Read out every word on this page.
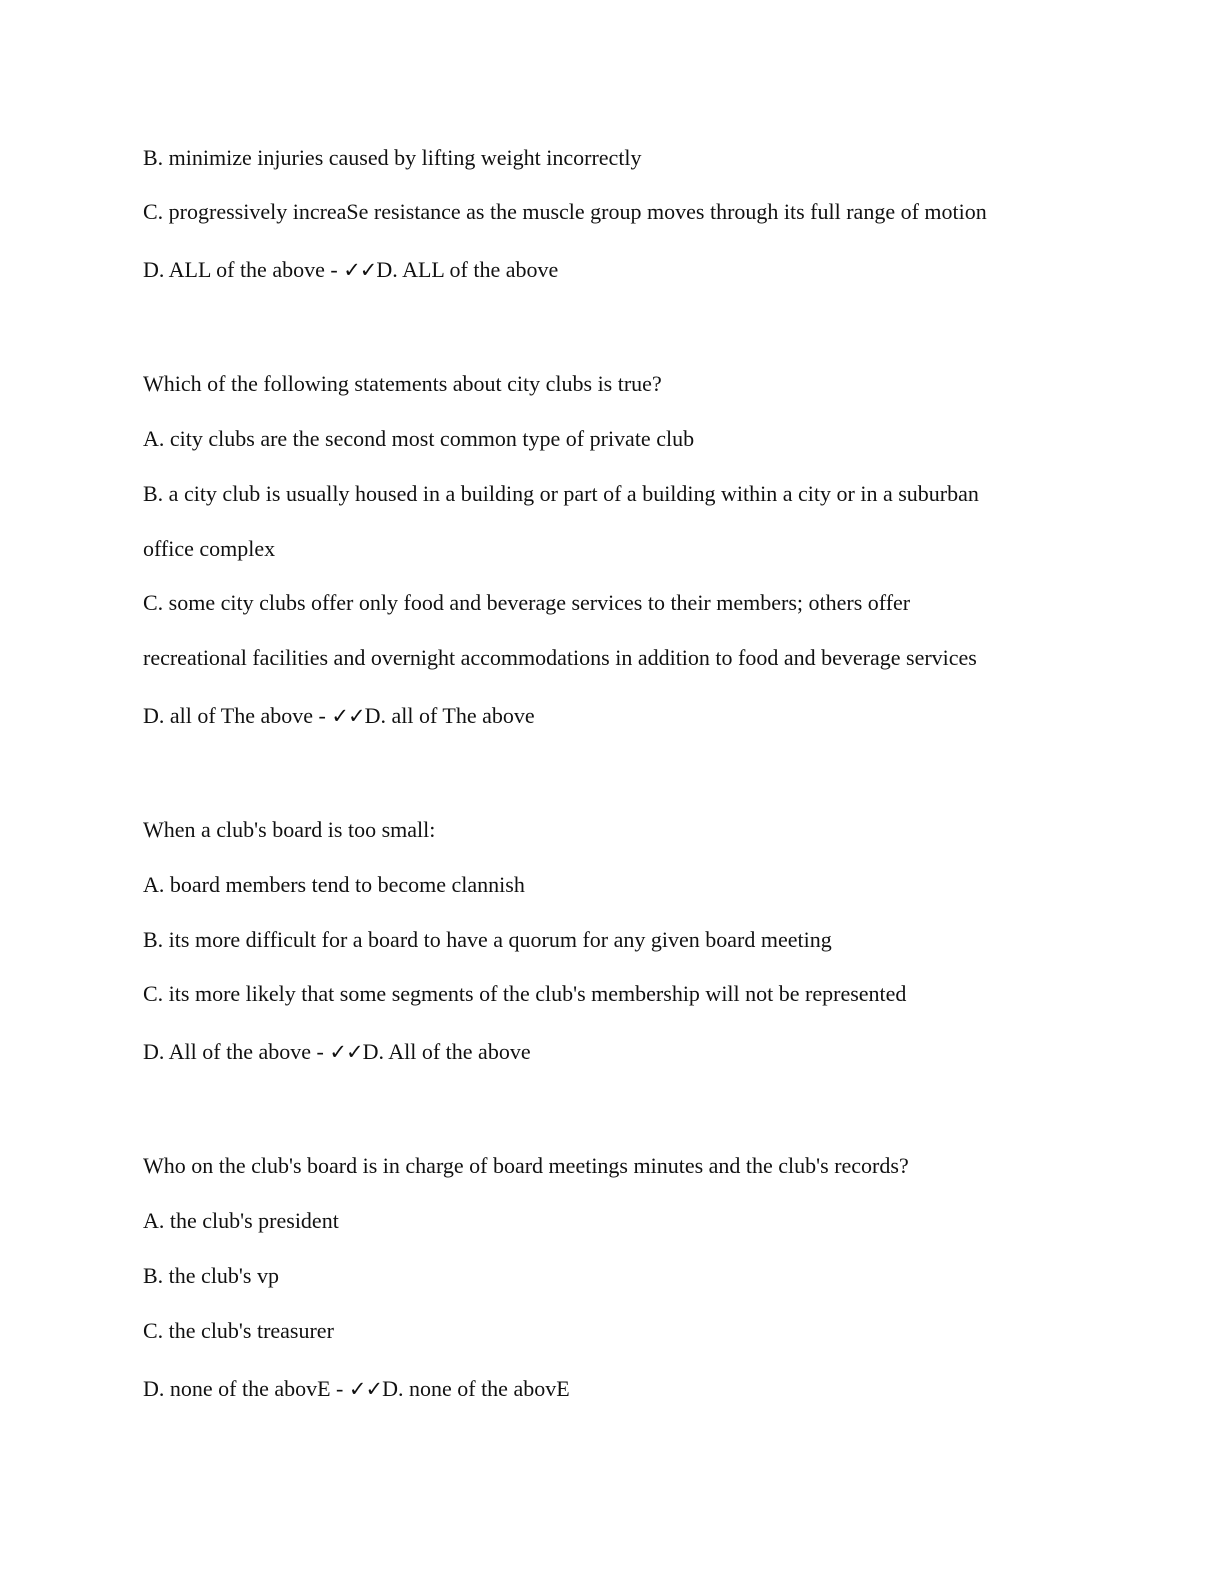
B. minimize injuries caused by lifting weight incorrectly

C. progressively increaSe resistance as the muscle group moves through its full range of motion

D. ALL of the above - ✓✓D. ALL of the above

Which of the following statements about city clubs is true?

A. city clubs are the second most common type of private club

B. a city club is usually housed in a building or part of a building within a city or in a suburban

office complex

C. some city clubs offer only food and beverage services to their members; others offer

recreational facilities and overnight accommodations in addition to food and beverage services

D. all of The above - ✓✓D. all of The above

When a club's board is too small:

A. board members tend to become clannish

B. its more difficult for a board to have a quorum for any given board meeting

C. its more likely that some segments of the club's membership will not be represented

D. All of the above - ✓✓D. All of the above

Who on the club's board is in charge of board meetings minutes and the club's records?

A. the club's president

B. the club's vp

C. the club's treasurer

D. none of the abovE - ✓✓D. none of the abovE
